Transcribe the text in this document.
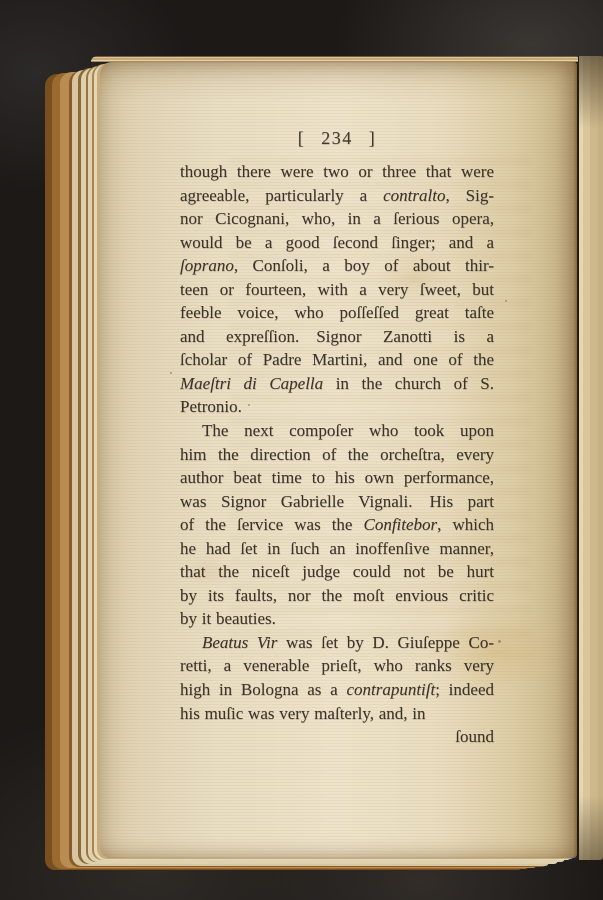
[ 234 ]
though there were two or three that were
agreeable, particularly a contralto, Sig-
nor Cicognani, who, in a ſerious opera,
would be a good ſecond ſinger; and a
ſoprano, Conſoli, a boy of about thir-
teen or fourteen, with a very ſweet, but
feeble voice, who poſſeſſed great taſte
and expreſſion. Signor Zanotti is a
ſcholar of Padre Martini, and one of the
Maeſtri di Capella in the church of S.
Petronio.
The next compoſer who took upon
him the direction of the orcheſtra, every
author beat time to his own performance,
was Signor Gabrielle Vignali. His part
of the ſervice was the Confitebor, which
he had ſet in ſuch an inoffenſive manner,
that the niceſt judge could not be hurt
by its faults, nor the moſt envious critic
by it beauties.
Beatus Vir was ſet by D. Giuſeppe Co-
retti, a venerable prieſt, who ranks very
high in Bologna as a contrapuntiſt; indeed
his muſic was very maſterly, and, in
ſound
